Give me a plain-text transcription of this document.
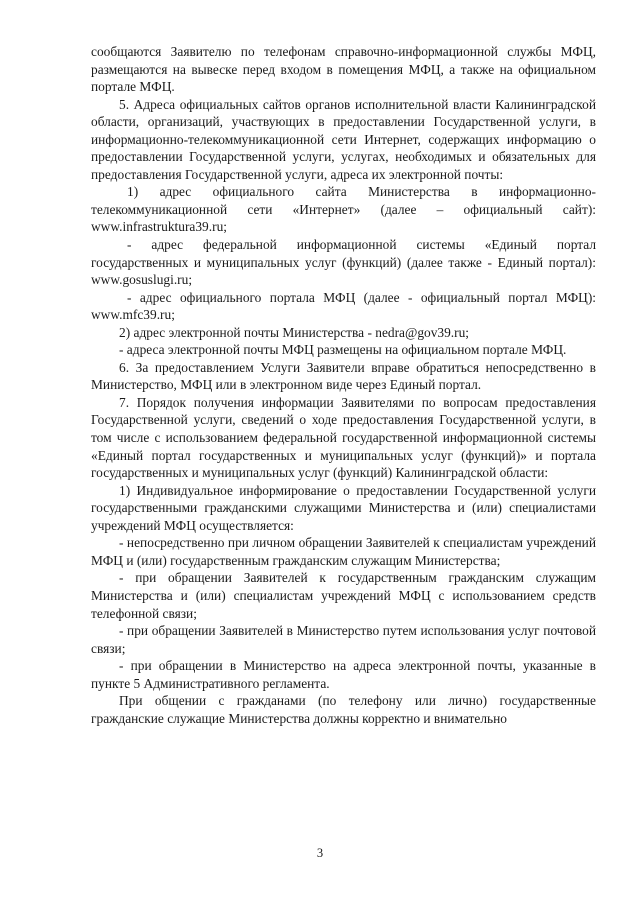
сообщаются Заявителю по телефонам справочно-информационной службы МФЦ, размещаются на вывеске перед входом в помещения МФЦ, а также на официальном портале МФЦ.

5. Адреса официальных сайтов органов исполнительной власти Калининградской области, организаций, участвующих в предоставлении Государственной услуги, в информационно-телекоммуникационной сети Интернет, содержащих информацию о предоставлении Государственной услуги, услугах, необходимых и обязательных для предоставления Государственной услуги, адреса их электронной почты:

1) адрес официального сайта Министерства в информационно-телекоммуникационной сети «Интернет» (далее – официальный сайт): www.infrastruktura39.ru;

- адрес федеральной информационной системы «Единый портал государственных и муниципальных услуг (функций) (далее также - Единый портал): www.gosuslugi.ru;

- адрес официального портала МФЦ (далее - официальный портал МФЦ): www.mfc39.ru;

2) адрес электронной почты Министерства - nedra@gov39.ru;

- адреса электронной почты МФЦ размещены на официальном портале МФЦ.

6. За предоставлением Услуги Заявители вправе обратиться непосредственно в Министерство, МФЦ или в электронном виде через Единый портал.

7. Порядок получения информации Заявителями по вопросам предоставления Государственной услуги, сведений о ходе предоставления Государственной услуги, в том числе с использованием федеральной государственной информационной системы «Единый портал государственных и муниципальных услуг (функций)» и портала государственных и муниципальных услуг (функций) Калининградской области:

1) Индивидуальное информирование о предоставлении Государственной услуги государственными гражданскими служащими Министерства и (или) специалистами учреждений МФЦ осуществляется:

- непосредственно при личном обращении Заявителей к специалистам учреждений МФЦ и (или) государственным гражданским служащим Министерства;

- при обращении Заявителей к государственным гражданским служащим Министерства и (или) специалистам учреждений МФЦ с использованием средств телефонной связи;

- при обращении Заявителей в Министерство путем использования услуг почтовой связи;

- при обращении в Министерство на адреса электронной почты, указанные в пункте 5 Административного регламента.

При общении с гражданами (по телефону или лично) государственные гражданские служащие Министерства должны корректно и внимательно

3
